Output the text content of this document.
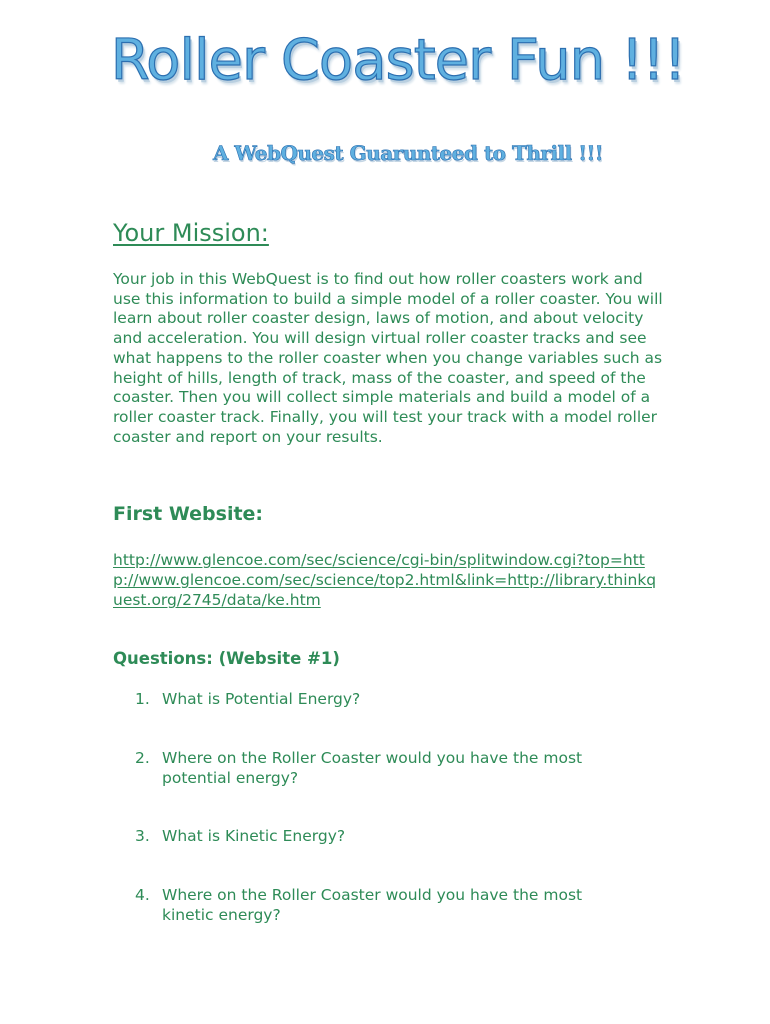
Roller Coaster Fun !!!
A WebQuest Guarunteed to Thrill !!!
Your Mission:

Your job in this WebQuest is to find out how roller coasters work and use this information to build a simple model of a roller coaster. You will learn about roller coaster design, laws of motion, and about velocity and acceleration. You will design virtual roller coaster tracks and see what happens to the roller coaster when you change variables such as height of hills, length of track, mass of the coaster, and speed of the coaster. Then you will collect simple materials and build a model of a roller coaster track. Finally, you will test your track with a model roller coaster and report on your results.

First Website:
http://www.glencoe.com/sec/science/cgi-bin/splitwindow.cgi?top=http://www.glencoe.com/sec/science/top2.html&link=http://library.thinkquest.org/2745/data/ke.htm
Questions: (Website #1)
1. What is Potential Energy?
2. Where on the Roller Coaster would you have the most potential energy?
3. What is Kinetic Energy?
4. Where on the Roller Coaster would you have the most kinetic energy?
